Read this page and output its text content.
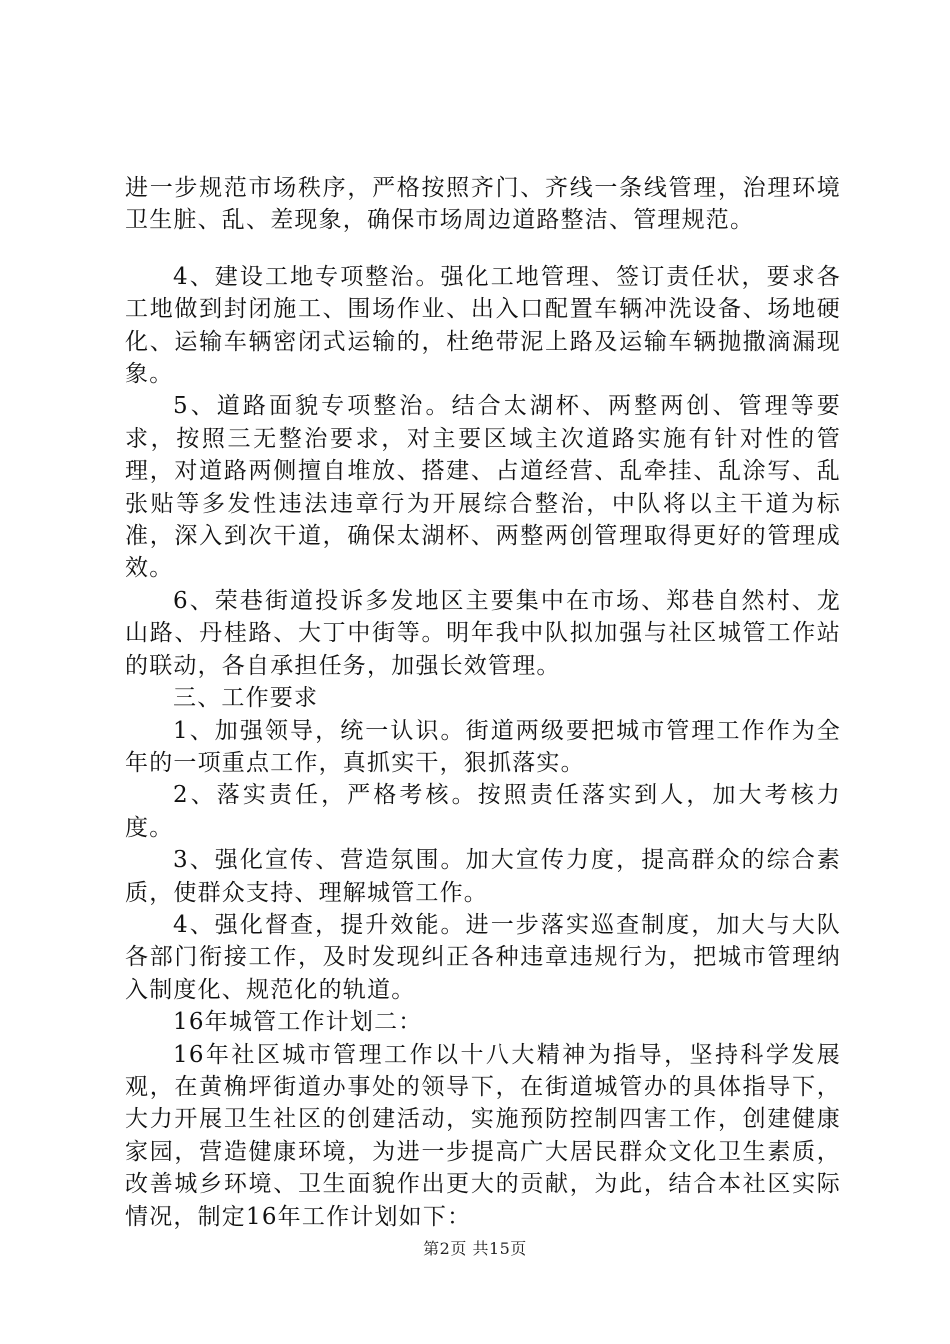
进一步规范市场秩序，严格按照齐门、齐线一条线管理，治理环境卫生脏、乱、差现象，确保市场周边道路整洁、管理规范。

4、建设工地专项整治。强化工地管理、签订责任状，要求各工地做到封闭施工、围场作业、出入口配置车辆冲洗设备、场地硬化、运输车辆密闭式运输的，杜绝带泥上路及运输车辆抛撒滴漏现象。

5、道路面貌专项整治。结合太湖杯、两整两创、管理等要求，按照三无整治要求，对主要区域主次道路实施有针对性的管理，对道路两侧擅自堆放、搭建、占道经营、乱牵挂、乱涂写、乱张贴等多发性违法违章行为开展综合整治，中队将以主干道为标准，深入到次干道，确保太湖杯、两整两创管理取得更好的管理成效。

6、荣巷街道投诉多发地区主要集中在市场、郑巷自然村、龙山路、丹桂路、大丁中街等。明年我中队拟加强与社区城管工作站的联动，各自承担任务，加强长效管理。

三、工作要求

1、加强领导，统一认识。街道两级要把城市管理工作作为全年的一项重点工作，真抓实干，狠抓落实。

2、落实责任，严格考核。按照责任落实到人，加大考核力度。

3、强化宣传、营造氛围。加大宣传力度，提高群众的综合素质，使群众支持、理解城管工作。

4、强化督查，提升效能。进一步落实巡查制度，加大与大队各部门衔接工作，及时发现纠正各种违章违规行为，把城市管理纳入制度化、规范化的轨道。

16年城管工作计划二：

16年社区城市管理工作以十八大精神为指导，坚持科学发展观，在黄桷坪街道办事处的领导下，在街道城管办的具体指导下，大力开展卫生社区的创建活动，实施预防控制四害工作，创建健康家园，营造健康环境，为进一步提高广大居民群众文化卫生素质，改善城乡环境、卫生面貌作出更大的贡献，为此，结合本社区实际情况，制定16年工作计划如下：

第2页 共15页
